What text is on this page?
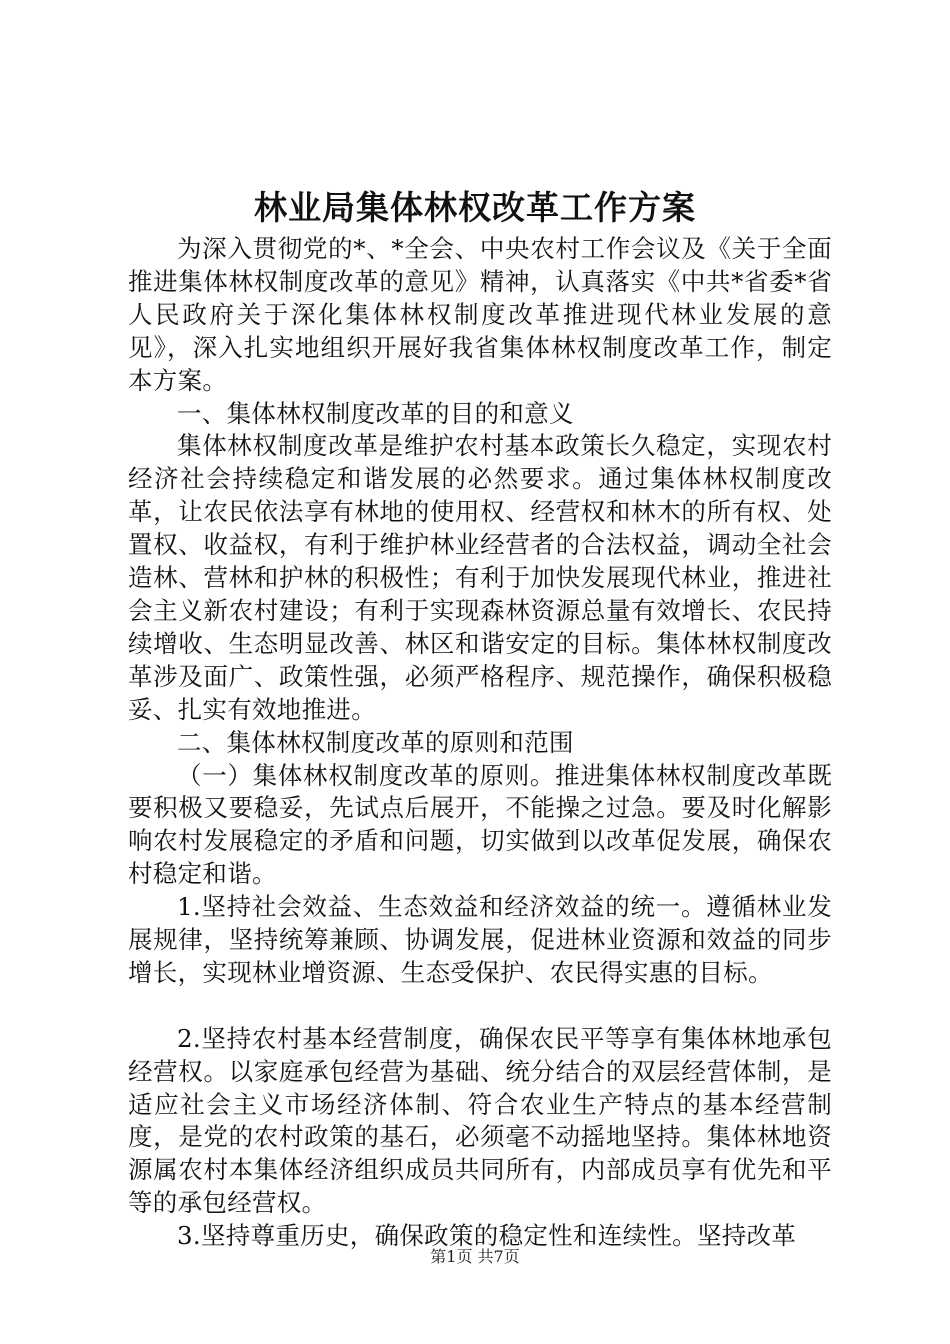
林业局集体林权改革工作方案

为深入贯彻党的*、*全会、中央农村工作会议及《关于全面推进集体林权制度改革的意见》精神，认真落实《中共*省委*省人民政府关于深化集体林权制度改革推进现代林业发展的意见》，深入扎实地组织开展好我省集体林权制度改革工作，制定本方案。

一、集体林权制度改革的目的和意义

集体林权制度改革是维护农村基本政策长久稳定，实现农村经济社会持续稳定和谐发展的必然要求。通过集体林权制度改革，让农民依法享有林地的使用权、经营权和林木的所有权、处置权、收益权，有利于维护林业经营者的合法权益，调动全社会造林、营林和护林的积极性；有利于加快发展现代林业，推进社会主义新农村建设；有利于实现森林资源总量有效增长、农民持续增收、生态明显改善、林区和谐安定的目标。集体林权制度改革涉及面广、政策性强，必须严格程序、规范操作，确保积极稳妥、扎实有效地推进。

二、集体林权制度改革的原则和范围

（一）集体林权制度改革的原则。推进集体林权制度改革既要积极又要稳妥，先试点后展开，不能操之过急。要及时化解影响农村发展稳定的矛盾和问题，切实做到以改革促发展，确保农村稳定和谐。

1.坚持社会效益、生态效益和经济效益的统一。遵循林业发展规律，坚持统筹兼顾、协调发展，促进林业资源和效益的同步增长，实现林业增资源、生态受保护、农民得实惠的目标。

2.坚持农村基本经营制度，确保农民平等享有集体林地承包经营权。以家庭承包经营为基础、统分结合的双层经营体制，是适应社会主义市场经济体制、符合农业生产特点的基本经营制度，是党的农村政策的基石，必须毫不动摇地坚持。集体林地资源属农村本集体经济组织成员共同所有，内部成员享有优先和平等的承包经营权。

3.坚持尊重历史，确保政策的稳定性和连续性。坚持改革

第1页 共7页
